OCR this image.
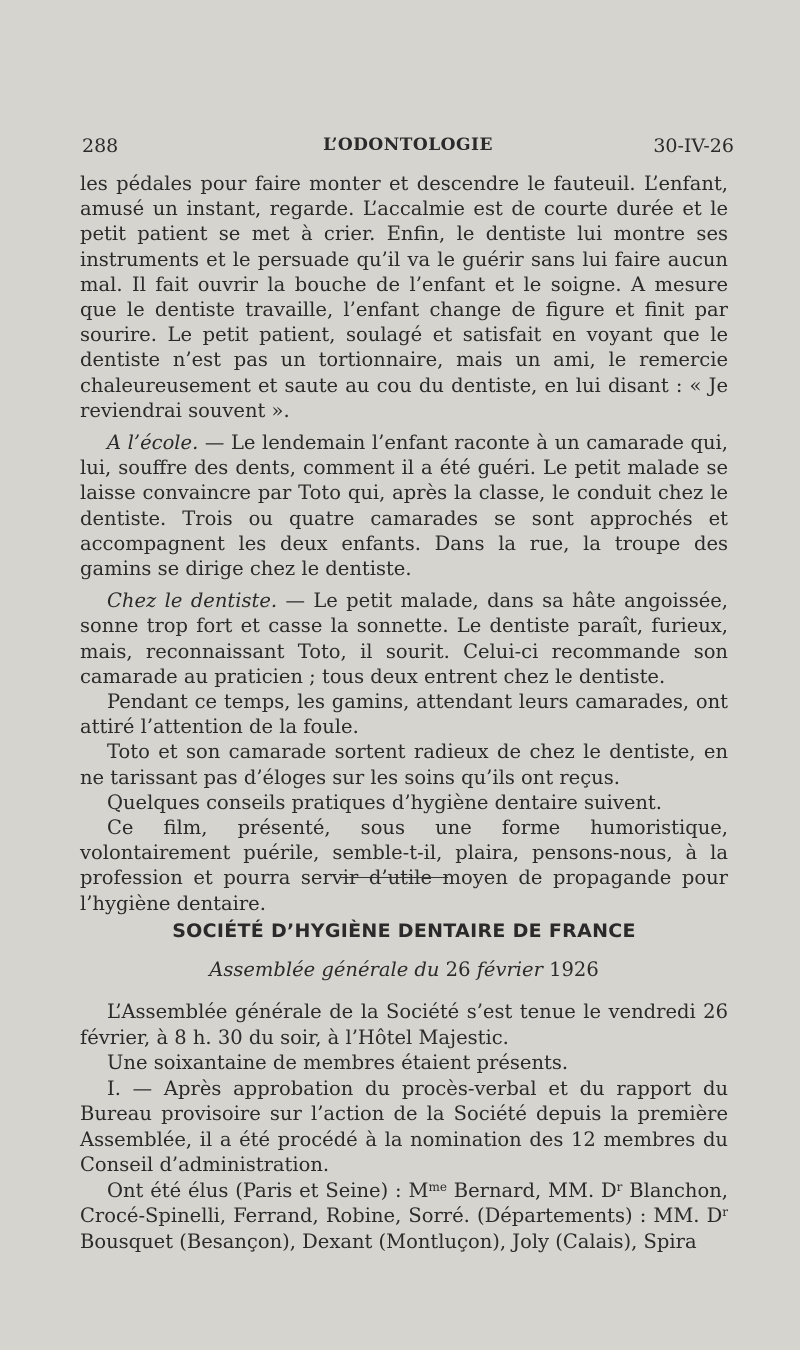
288	L’ODONTOLOGIE	30-IV-26

les pédales pour faire monter et descendre le fauteuil. L’enfant, amusé un instant, regarde. L’accalmie est de courte durée et le petit patient se met à crier. Enfin, le dentiste lui montre ses instruments et le persuade qu’il va le guérir sans lui faire aucun mal. Il fait ouvrir la bouche de l’enfant et le soigne. A mesure que le dentiste travaille, l’enfant change de figure et finit par sourire. Le petit patient, soulagé et satisfait en voyant que le dentiste n’est pas un tortionnaire, mais un ami, le remercie chaleureusement et saute au cou du dentiste, en lui disant : « Je reviendrai souvent ».

A l’école. — Le lendemain l’enfant raconte à un camarade qui, lui, souffre des dents, comment il a été guéri. Le petit malade se laisse convaincre par Toto qui, après la classe, le conduit chez le dentiste. Trois ou quatre camarades se sont approchés et accompagnent les deux enfants. Dans la rue, la troupe des gamins se dirige chez le dentiste.

Chez le dentiste. — Le petit malade, dans sa hâte angoissée, sonne trop fort et casse la sonnette. Le dentiste paraît, furieux, mais, reconnaissant Toto, il sourit. Celui-ci recommande son camarade au praticien ; tous deux entrent chez le dentiste.

Pendant ce temps, les gamins, attendant leurs camarades, ont attiré l’attention de la foule.

Toto et son camarade sortent radieux de chez le dentiste, en ne tarissant pas d’éloges sur les soins qu’ils ont reçus.

Quelques conseils pratiques d’hygiène dentaire suivent.

Ce film, présenté, sous une forme humoristique, volontairement puérile, semble-t-il, plaira, pensons-nous, à la profession et pourra servir d’utile moyen de propagande pour l’hygiène dentaire.

SOCIÉTÉ D’HYGIÈNE DENTAIRE DE FRANCE
Assemblée générale du 26 février 1926

L’Assemblée générale de la Société s’est tenue le vendredi 26 février, à 8 h. 30 du soir, à l’Hôtel Majestic.

Une soixantaine de membres étaient présents.

I. — Après approbation du procès-verbal et du rapport du Bureau provisoire sur l’action de la Société depuis la première Assemblée, il a été procédé à la nomination des 12 membres du Conseil d’administration.

Ont été élus (Paris et Seine) : $M^{me}$ Bernard, MM. $D^r$ Blanchon, Crocé-Spinelli, Ferrand, Robine, Sorré. (Départements) : MM. $D^r$ Bousquet (Besançon), Dexant (Montluçon), Joly (Calais), Spira
